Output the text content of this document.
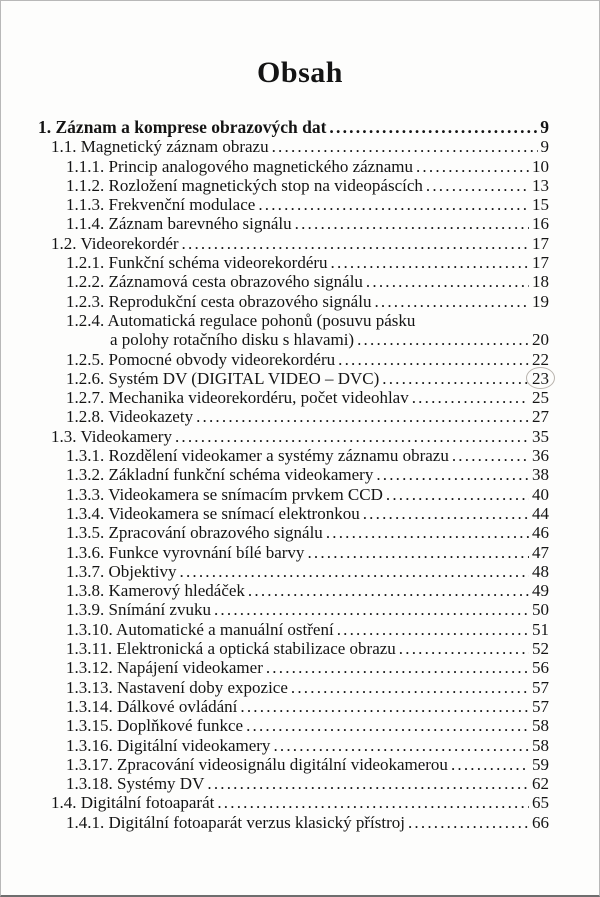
Obsah
1. Záznam a komprese obrazových dat .....	9
1.1. Magnetický záznam obrazu .....	9
1.1.1. Princip analogového magnetického záznamu .....	10
1.1.2. Rozložení magnetických stop na videopáscích .....	13
1.1.3. Frekvenční modulace .....	15
1.1.4. Záznam barevného signálu .....	16
1.2. Videorekordér .....	17
1.2.1. Funkční schéma videorekordéru .....	17
1.2.2. Záznamová cesta obrazového signálu .....	18
1.2.3. Reprodukční cesta obrazového signálu .....	19
1.2.4. Automatická regulace pohonů (posuvu pásku
a polohy rotačního disku s hlavami) .....	20
1.2.5. Pomocné obvody videorekordéru .....	22
1.2.6. Systém DV (DIGITAL VIDEO – DVC) .....	23
1.2.7. Mechanika videorekordéru, počet videohlav .....	25
1.2.8. Videokazety .....	27
1.3. Videokamery .....	35
1.3.1. Rozdělení videokamer a systémy záznamu obrazu .....	36
1.3.2. Základní funkční schéma videokamery .....	38
1.3.3. Videokamera se snímacím prvkem CCD .....	40
1.3.4. Videokamera se snímací elektronkou .....	44
1.3.5. Zpracování obrazového signálu .....	46
1.3.6. Funkce vyrovnání bílé barvy .....	47
1.3.7. Objektivy .....	48
1.3.8. Kamerový hledáček .....	49
1.3.9. Snímání zvuku .....	50
1.3.10. Automatické a manuální ostření .....	51
1.3.11. Elektronická a optická stabilizace obrazu .....	52
1.3.12. Napájení videokamer .....	56
1.3.13. Nastavení doby expozice .....	57
1.3.14. Dálkové ovládání .....	57
1.3.15. Doplňkové funkce .....	58
1.3.16. Digitální videokamery .....	58
1.3.17. Zpracování videosignálu digitální videokamerou .....	59
1.3.18. Systémy DV .....	62
1.4. Digitální fotoaparát .....	65
1.4.1. Digitální fotoaparát verzus klasický přístroj .....	66
